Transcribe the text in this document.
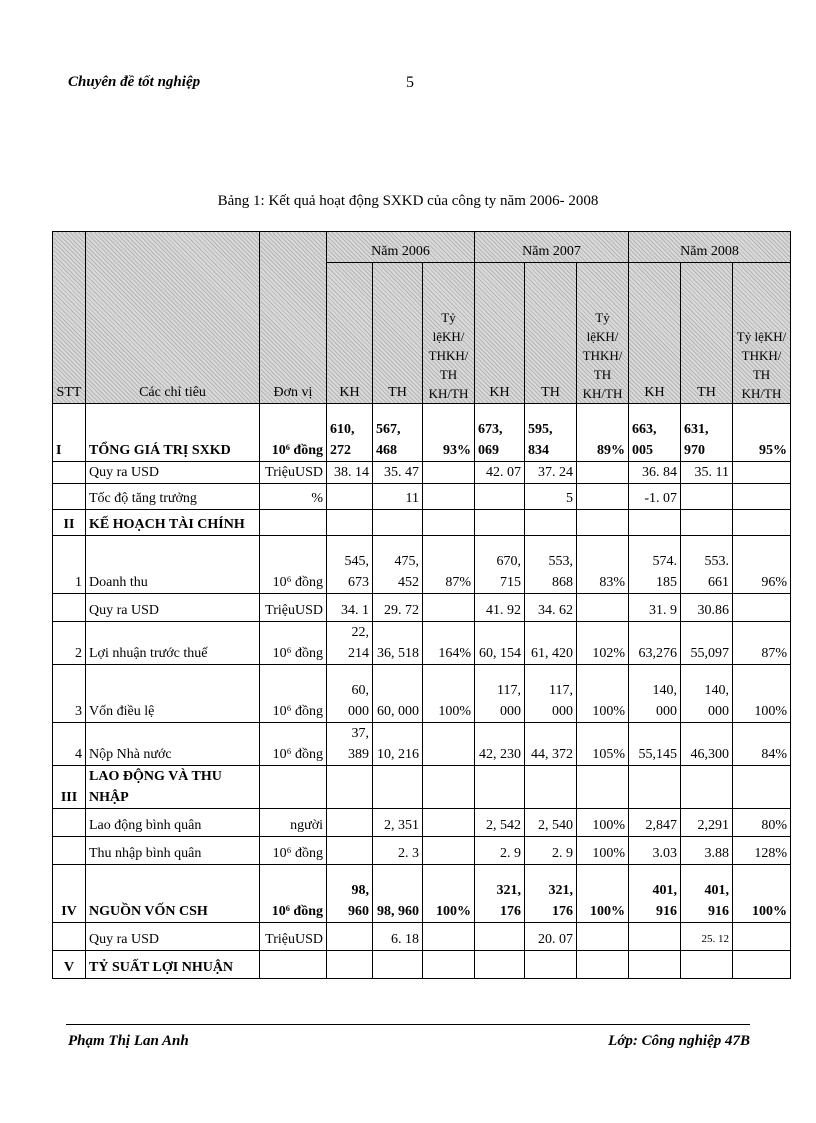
Chuyên đề tốt nghiệp	5
Bảng 1: Kết quả hoạt động SXKD của công ty năm 2006- 2008
STT	Các chỉ tiêu	Đơn vị	Năm 2006			Năm 2007			Năm 2008		
			KH	TH	Tỷ lệKH/ THKH/ TH KH/TH	KH	TH	Tỷ lệKH/ THKH/ TH KH/TH	KH	TH	Tỷ lệKH/ THKH/ TH KH/TH
I	TỔNG GIÁ TRỊ SXKD	10⁶ đồng	610, 272	567, 468	93%	673, 069	595, 834	89%	663, 005	631, 970	95%
	Quy ra USD	TriệuUSD	38. 14	35. 47		42. 07	37. 24		36. 84	35. 11	
	Tốc độ tăng trưởng	%		11			5		-1. 07		
II	KẾ HOẠCH TÀI CHÍNH										
1	Doanh thu	10⁶ đồng	545, 673	475, 452	87%	670, 715	553, 868	83%	574. 185	553. 661	96%
	Quy ra USD	TriệuUSD	34. 1	29. 72		41. 92	34. 62		31. 9	30.86	
2	Lợi nhuận trước thuế	10⁶ đồng	22, 214	36, 518	164%	60, 154	61, 420	102%	63,276	55,097	87%
3	Vốn điều lệ	10⁶ đồng	60, 000	60, 000	100%	117, 000	117, 000	100%	140, 000	140, 000	100%
4	Nộp Nhà nước	10⁶ đồng	37, 389	10, 216		42, 230	44, 372	105%	55,145	46,300	84%
III	LAO ĐỘNG VÀ THU NHẬP										
	Lao động bình quân	người		2, 351		2, 542	2, 540	100%	2,847	2,291	80%
	Thu nhập bình quân	10⁶ đồng		2. 3		2. 9	2. 9	100%	3.03	3.88	128%
IV	NGUỒN VỐN CSH	10⁶ đồng	98, 960	98, 960	100%	321, 176	321, 176	100%	401, 916	401, 916	100%
	Quy ra USD	TriệuUSD		6. 18			20. 07			25. 12	
V	TỶ SUẤT LỢI NHUẬN										
Phạm Thị Lan Anh	Lớp: Công nghiệp 47B
